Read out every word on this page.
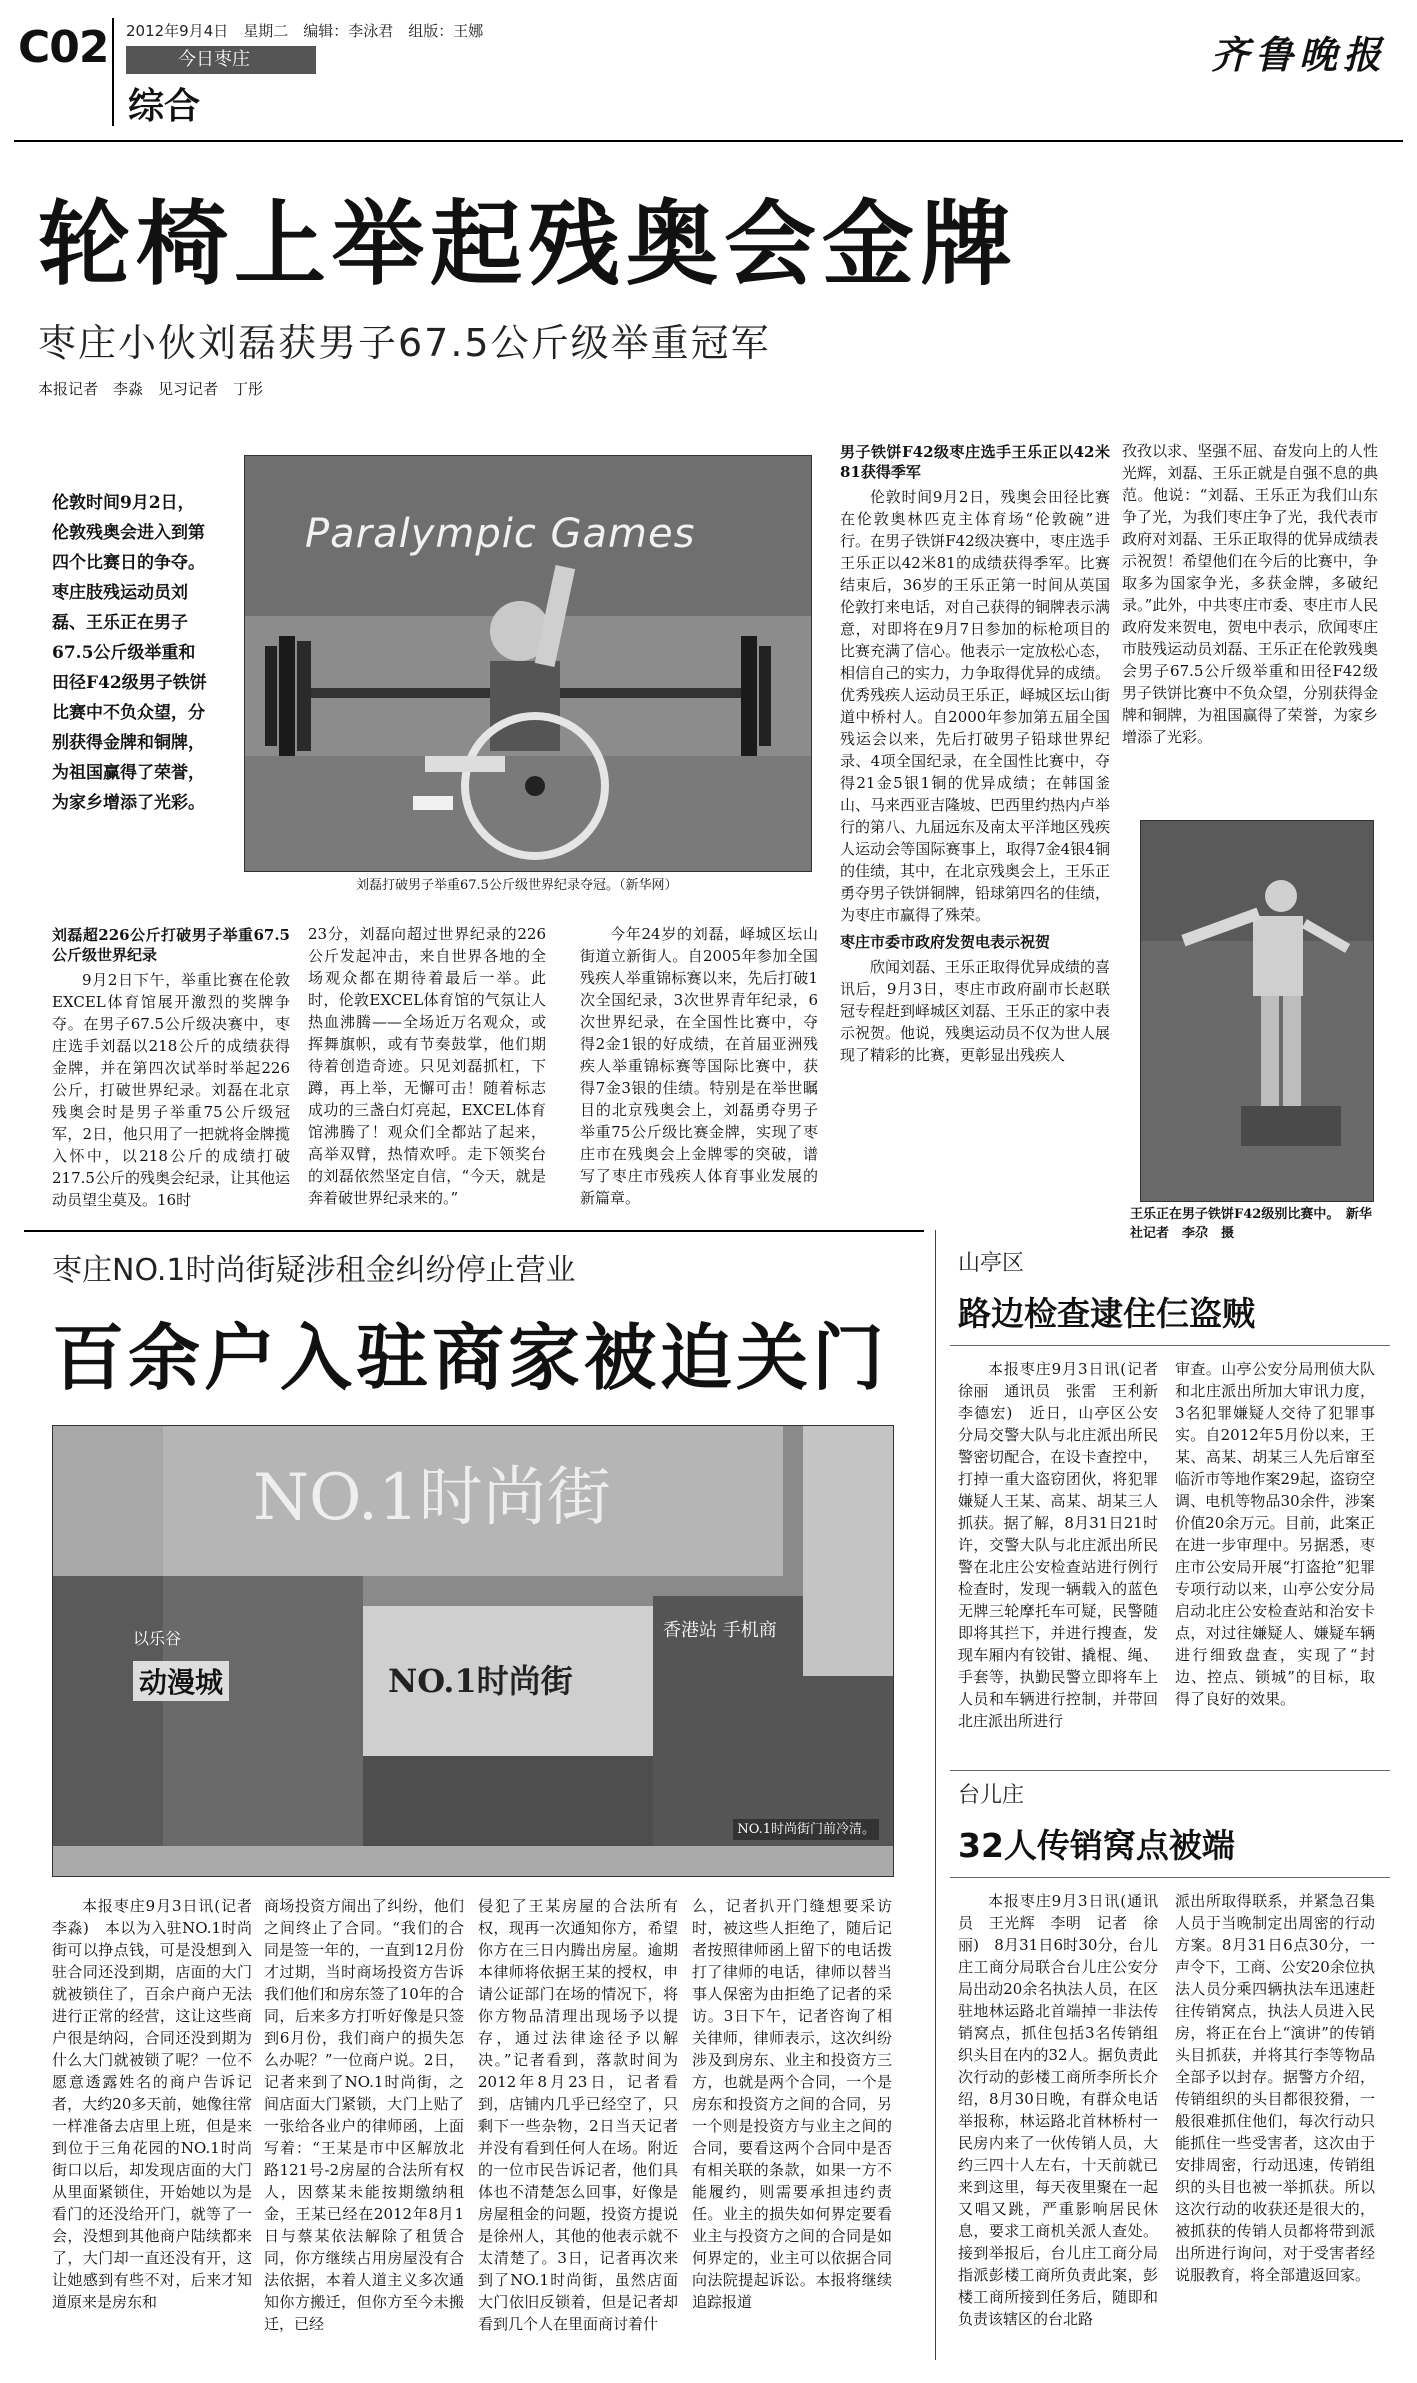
C02 2012年9月4日　星期二　编辑：李泳君　组版：王娜
今日枣庄
综合
齐鲁晚报
轮椅上举起残奥会金牌
枣庄小伙刘磊获男子67.5公斤级举重冠军
本报记者　李淼　见习记者　丁彤
伦敦时间9月2日，伦敦残奥会进入到第四个比赛日的争夺。枣庄肢残运动员刘磊、王乐正在男子67.5公斤级举重和田径F42级男子铁饼比赛中不负众望，分别获得金牌和铜牌，为祖国赢得了荣誉，为家乡增添了光彩。
Paralympic Games
刘磊打破男子举重67.5公斤级世界纪录夺冠。（新华网）
刘磊超226公斤打破男子举重67.5公斤级世界纪录

9月2日下午，举重比赛在伦敦EXCEL体育馆展开激烈的奖牌争夺。在男子67.5公斤级决赛中，枣庄选手刘磊以218公斤的成绩获得金牌，并在第四次试举时举起226公斤，打破世界纪录。刘磊在北京残奥会时是男子举重75公斤级冠军，2日，他只用了一把就将金牌揽入怀中，以218公斤的成绩打破217.5公斤的残奥会纪录，让其他运动员望尘莫及。16时

23分，刘磊向超过世界纪录的226公斤发起冲击，来自世界各地的全场观众都在期待着最后一举。此时，伦敦EXCEL体育馆的气氛让人热血沸腾——全场近万名观众，或挥舞旗帜，或有节奏鼓掌，他们期待着创造奇迹。只见刘磊抓杠，下蹲，再上举，无懈可击！随着标志成功的三盏白灯亮起，EXCEL体育馆沸腾了！观众们全都站了起来，高举双臂，热情欢呼。走下领奖台的刘磊依然坚定自信，“今天，就是奔着破世界纪录来的。”

今年24岁的刘磊，峄城区坛山街道立新街人。自2005年参加全国残疾人举重锦标赛以来，先后打破1次全国纪录，3次世界青年纪录，6次世界纪录，在全国性比赛中，夺得2金1银的好成绩，在首届亚洲残疾人举重锦标赛等国际比赛中，获得7金3银的佳绩。特别是在举世瞩目的北京残奥会上，刘磊勇夺男子举重75公斤级比赛金牌，实现了枣庄市在残奥会上金牌零的突破，谱写了枣庄市残疾人体育事业发展的新篇章。

男子铁饼F42级枣庄选手王乐正以42米81获得季军

伦敦时间9月2日，残奥会田径比赛在伦敦奥林匹克主体育场“伦敦碗”进行。在男子铁饼F42级决赛中，枣庄选手王乐正以42米81的成绩获得季军。比赛结束后，36岁的王乐正第一时间从英国伦敦打来电话，对自己获得的铜牌表示满意，对即将在9月7日参加的标枪项目的比赛充满了信心。他表示一定放松心态，相信自己的实力，力争取得优异的成绩。优秀残疾人运动员王乐正，峄城区坛山街道中桥村人。自2000年参加第五届全国残运会以来，先后打破男子铅球世界纪录、4项全国纪录，在全国性比赛中，夺得21金5银1铜的优异成绩；在韩国釜山、马来西亚吉隆坡、巴西里约热内卢举行的第八、九届远东及南太平洋地区残疾人运动会等国际赛事上，取得7金4银4铜的佳绩，其中，在北京残奥会上，王乐正勇夺男子铁饼铜牌，铅球第四名的佳绩，为枣庄市赢得了殊荣。

枣庄市委市政府发贺电表示祝贺

欣闻刘磊、王乐正取得优异成绩的喜讯后，9月3日，枣庄市政府副市长赵联冠专程赶到峄城区刘磊、王乐正的家中表示祝贺。他说，残奥运动员不仅为世人展现了精彩的比赛，更彰显出残疾人

孜孜以求、坚强不屈、奋发向上的人性光辉，刘磊、王乐正就是自强不息的典范。他说：“刘磊、王乐正为我们山东争了光，为我们枣庄争了光，我代表市政府对刘磊、王乐正取得的优异成绩表示祝贺！希望他们在今后的比赛中，争取多为国家争光，多获金牌，多破纪录。”此外，中共枣庄市委、枣庄市人民政府发来贺电，贺电中表示，欣闻枣庄市肢残运动员刘磊、王乐正在伦敦残奥会男子67.5公斤级举重和田径F42级男子铁饼比赛中不负众望，分别获得金牌和铜牌，为祖国赢得了荣誉，为家乡增添了光彩。

王乐正在男子铁饼F42级别比赛中。　新华社记者　李尕　摄
枣庄NO.1时尚街疑涉租金纠纷停止营业
百余户入驻商家被迫关门
NO.1时尚街
以乐谷
动漫城	NO.1时尚街
香港站 手机商
NO.1时尚街门前冷清。

本报枣庄9月3日讯(记者　李淼)　本以为入驻NO.1时尚街可以挣点钱，可是没想到入驻合同还没到期，店面的大门就被锁住了，百余户商户无法进行正常的经营，这让这些商户很是纳闷，合同还没到期为什么大门就被锁了呢？一位不愿意透露姓名的商户告诉记者，大约20多天前，她像往常一样准备去店里上班，但是来到位于三角花园的NO.1时尚街口以后，却发现店面的大门从里面紧锁住，开始她以为是看门的还没给开门，就等了一会，没想到其他商户陆续都来了，大门却一直还没有开，这让她感到有些不对，后来才知道原来是房东和

商场投资方闹出了纠纷，他们之间终止了合同。“我们的合同是签一年的，一直到12月份才过期，当时商场投资方告诉我们他们和房东签了10年的合同，后来多方打听好像是只签到6月份，我们商户的损失怎么办呢？”一位商户说。2日，记者来到了NO.1时尚街，之间店面大门紧锁，大门上贴了一张给各业户的律师函，上面写着：“王某是市中区解放北路121号-2房屋的合法所有权人，因蔡某未能按期缴纳租金，王某已经在2012年8月1日与蔡某依法解除了租赁合同，你方继续占用房屋没有合法依据，本着人道主义多次通知你方搬迁，但你方至今未搬迁，已经

侵犯了王某房屋的合法所有权，现再一次通知你方，希望你方在三日内腾出房屋。逾期本律师将依据王某的授权，申请公证部门在场的情况下，将你方物品清理出现场予以提存，通过法律途径予以解决。”记者看到，落款时间为2012年8月23日，记者看到，店铺内几乎已经空了，只剩下一些杂物，2日当天记者并没有看到任何人在场。附近的一位市民告诉记者，他们具体也不清楚怎么回事，好像是房屋租金的问题，投资方提说是徐州人，其他的他表示就不太清楚了。3日，记者再次来到了NO.1时尚街，虽然店面大门依旧反锁着，但是记者却看到几个人在里面商讨着什

么，记者扒开门缝想要采访时，被这些人拒绝了，随后记者按照律师函上留下的电话拨打了律师的电话，律师以替当事人保密为由拒绝了记者的采访。3日下午，记者咨询了相关律师，律师表示，这次纠纷涉及到房东、业主和投资方三方，也就是两个合同，一个是房东和投资方之间的合同，另一个则是投资方与业主之间的合同，要看这两个合同中是否有相关联的条款，如果一方不能履约，则需要承担违约责任。业主的损失如何界定要看业主与投资方之间的合同是如何界定的，业主可以依据合同向法院提起诉讼。本报将继续追踪报道

山亭区
路边检查逮住仨盗贼

本报枣庄9月3日讯(记者　徐丽　通讯员　张雷　王利新　李德宏)　近日，山亭区公安分局交警大队与北庄派出所民警密切配合，在设卡查控中，打掉一重大盗窃团伙，将犯罪嫌疑人王某、高某、胡某三人抓获。据了解，8月31日21时许，交警大队与北庄派出所民警在北庄公安检查站进行例行检查时，发现一辆载入的蓝色无牌三轮摩托车可疑，民警随即将其拦下，并进行搜查，发现车厢内有铰钳、撬棍、绳、手套等，执勤民警立即将车上人员和车辆进行控制，并带回北庄派出所进行

审查。山亭公安分局刑侦大队和北庄派出所加大审讯力度，3名犯罪嫌疑人交待了犯罪事实。自2012年5月份以来，王某、高某、胡某三人先后窜至临沂市等地作案29起，盗窃空调、电机等物品30余件，涉案价值20余万元。目前，此案正在进一步审理中。另据悉，枣庄市公安局开展“打盗抢”犯罪专项行动以来，山亭公安分局启动北庄公安检查站和治安卡点，对过往嫌疑人、嫌疑车辆进行细致盘查，实现了“封边、控点、锁城”的目标，取得了良好的效果。

台儿庄
32人传销窝点被端

本报枣庄9月3日讯(通讯员　王光辉　李明　记者　徐丽)　8月31日6时30分，台儿庄工商分局联合台儿庄公安分局出动20余名执法人员，在区驻地林运路北首端掉一非法传销窝点，抓住包括3名传销组织头目在内的32人。据负责此次行动的彭楼工商所李所长介绍，8月30日晚，有群众电话举报称，林运路北首林桥村一民房内来了一伙传销人员，大约三四十人左右，十天前就已来到这里，每天夜里聚在一起又唱又跳，严重影响居民休息，要求工商机关派人查处。接到举报后，台儿庄工商分局指派彭楼工商所负责此案，彭楼工商所接到任务后，随即和负责该辖区的台北路

派出所取得联系，并紧急召集人员于当晚制定出周密的行动方案。8月31日6点30分，一声令下，工商、公安20余位执法人员分乘四辆执法车迅速赶往传销窝点，执法人员进入民房，将正在台上“演讲”的传销头目抓获，并将其行李等物品全部予以封存。据警方介绍，传销组织的头目都很狡猾，一般很难抓住他们，每次行动只能抓住一些受害者，这次由于安排周密，行动迅速，传销组织的头目也被一举抓获。所以这次行动的收获还是很大的，被抓获的传销人员都将带到派出所进行询问，对于受害者经说服教育，将全部遣返回家。
